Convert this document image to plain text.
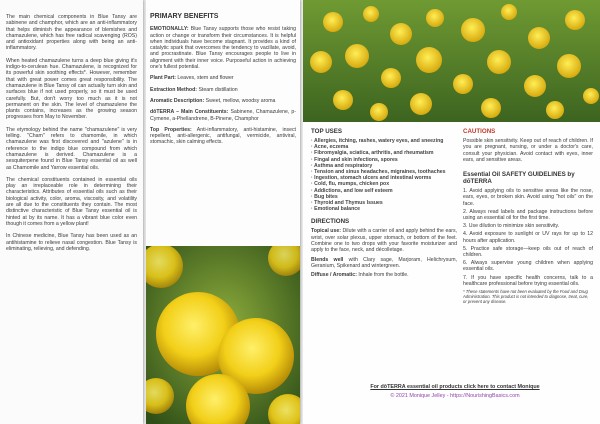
The main chemical components in Blue Tansy are sabinene and champhor, which are an anti-inflammatory that helps diminish the appearance of blemishes and chamazulene, which has free radical scavenging (ROS) and antioxidant properties along with being an anti-inflammatory.

When heated chamazulene turns a deep blue giving it's indigo-to-cerulean hue. Chamazulene, is recognized for its powerful skin soothing effects*. However, remember that with great power comes great responsibility. The chamazulene in Blue Tansy oil can actually turn skin and surfaces blue if not used properly, so it must be used carefully. But, don't worry too much as it is not permanent on the skin. The level of chamazulene the plants contains, increases as the growing season progresses from May to November.

The etymology behind the name "chamazulene" is very telling. "Cham" refers to chamomile, in which chamazulene was first discovered and "azulene" is in reference to the indigo blue compound from which chamazulene is derived. Chamazulene is a sesquiterpene found in Blue Tansy essential oil as well as Chamomile and Yarrow essential oils.

The chemical constituents contained in essential oils play an irreplaceable role in determining their characteristics. Attributes of essential oils such as their biological activity, color, aroma, viscosity, and volatility are all due to the constituents they contain. The most distinctive characteristic of Blue Tansy essential oil is hinted at by its name. It has a vibrant blue color even though it comes from a yellow plant!

In Chinese medicine, Blue Tansy has been used as an antihistamine to relieve nasal congestion. Blue Tansy is eliminating, relieving, and defending.

PRIMARY BENEFITS

EMOTIONALLY: Blue Tansy supports those who resist taking action or change or transform their circumstances. It is helpful when individuals have become stagnant. It provides a kind of catalytic spark that overcomes the tendency to vacillate, avoid, and procrastinate. Blue Tansy encourages people to live in alignment with their inner voice. Purposeful action in achieving one's fullest potential.

Plant Part: Leaves, stem and flower

Extraction Method: Steam distillation

Aromatic Description: Sweet, mellow, woodsy aroma

dōTERRA – Main Constituents: Sabinene, Chamazulene, p-Cymene, a-Phellandrene, B-Pinene, Champhor

Top Properties: Anti-inflammatory, anti-histamine, insect repellent, anti-allergenic, antifungal, vermicide, antiviral, stomachic, skin calming effects.

TOP USES
· Allergies, itching, rashes, watery eyes, and sneezing
· Acne, eczema
· Fibromyalgia, sciatica, arthritis, and rheumatism
· Fingal and skin infections, spores
· Asthma and respiratory
· Tension and sinus headaches, migraines, toothaches
· Ingestion, stomach ulcers and intestinal worms
· Cold, flu, mumps, chicken pox
· Addictions, and low self esteem
· Bug bites
· Thyroid and Thymus Issues
· Emotional balance
DIRECTIONS

Topical use: Dilute with a carrier oil and apply behind the ears, wrist, over solar plexus, upper stomach, or bottom of the feet. Combine one to two drops with your favorite moisturizer and apply to the face, neck, and décolletage.

Blends well with Clary sage, Marjoram, Helichrysum, Geranium, Spikenard and wintergreen.

Diffuse / Aromatic: Inhale from the bottle.

CAUTIONS

Possible skin sensitivity. Keep out of reach of children. If you are pregnant, nursing, or under a doctor's care, consult your physician. Avoid contact with eyes, inner ears, and sensitive areas.

Essential Oil SAFETY GUIDELINES by dōTERRA
1. Avoid applying oils to sensitive areas like the nose, ears, eyes, or broken skin. Avoid using "hot oils" on the face.
2. Always read labels and package instructions before using an essential oil for the first time.
3. Use dilution to minimize skin sensitivity.
4. Avoid exposure to sunlight or UV rays for up to 12 hours after application.
5. Practice safe storage—keep oils out of reach of children.
6. Always supervise young children when applying essential oils.
7. If you have specific health concerns, talk to a healthcare professional before trying essential oils.

* These statements have not been evaluated by the Food and Drug Administration. This product is not intended to diagnose, treat, cure, or prevent any disease.

For dōTERRA essential oil products click here to contact Monique

© 2021 Monique Jelley - https://NourishingBasics.com
